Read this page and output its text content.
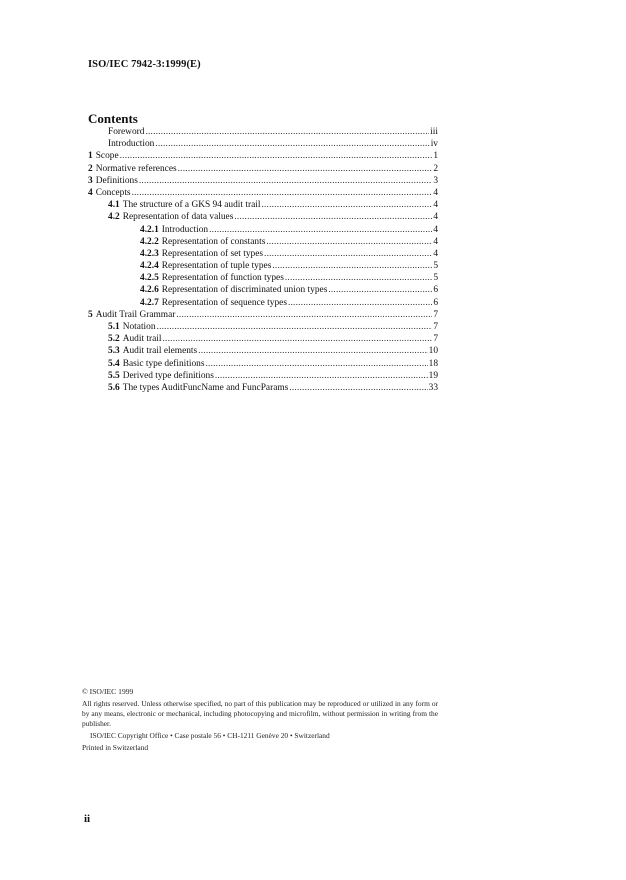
ISO/IEC 7942-3:1999(E)
Contents
Foreword .....	iii
Introduction .....	iv
1 Scope .....	1
2 Normative references .....	2
3 Definitions .....	3
4 Concepts .....	4
4.1 The structure of a GKS 94 audit trail .....	4
4.2 Representation of data values .....	4
4.2.1 Introduction .....	4
4.2.2 Representation of constants .....	4
4.2.3 Representation of set types .....	4
4.2.4 Representation of tuple types .....	5
4.2.5 Representation of function types .....	5
4.2.6 Representation of discriminated union types .....	6
4.2.7 Representation of sequence types .....	6
5 Audit Trail Grammar .....	7
5.1 Notation .....	7
5.2 Audit trail .....	7
5.3 Audit trail elements .....	10
5.4 Basic type definitions .....	18
5.5 Derived type definitions .....	19
5.6 The types AuditFuncName and FuncParams .....	33
© ISO/IEC 1999
All rights reserved. Unless otherwise specified, no part of this publication may be reproduced or utilized in any form or by any means, electronic or mechanical, including photocopying and microfilm, without permission in writing from the publisher.
ISO/IEC Copyright Office • Case postale 56 • CH-1211 Genève 20 • Switzerland
Printed in Switzerland
ii
